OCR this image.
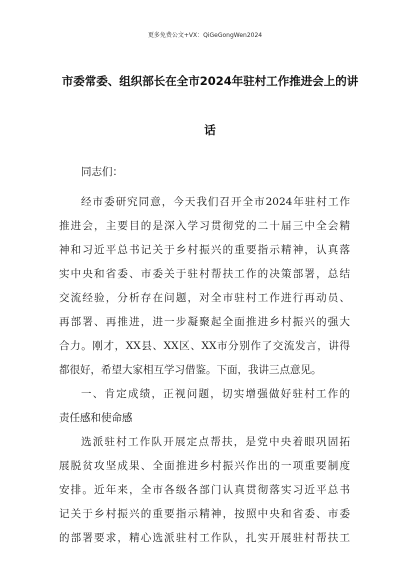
更多免费公文+VX：QiGeGongWen2024
市委常委、组织部长在全市2024年驻村工作推进会上的讲
话
同志们：
经市委研究同意，今天我们召开全市2024年驻村工作
推进会，主要目的是深入学习贯彻党的二十届三中全会精
神和习近平总书记关于乡村振兴的重要指示精神，认真落
实中央和省委、市委关于驻村帮扶工作的决策部署，总结
交流经验，分析存在问题，对全市驻村工作进行再动员、
再部署、再推进，进一步凝聚起全面推进乡村振兴的强大
合力。刚才，XX县、XX区、XX市分别作了交流发言，讲得
都很好，希望大家相互学习借鉴。下面，我讲三点意见。
一、肯定成绩，正视问题，切实增强做好驻村工作的
责任感和使命感
选派驻村工作队开展定点帮扶，是党中央着眼巩固拓
展脱贫攻坚成果、全面推进乡村振兴作出的一项重要制度
安排。近年来，全市各级各部门认真贯彻落实习近平总书
记关于乡村振兴的重要指示精神，按照中央和省委、市委
的部署要求，精心选派驻村工作队，扎实开展驻村帮扶工
